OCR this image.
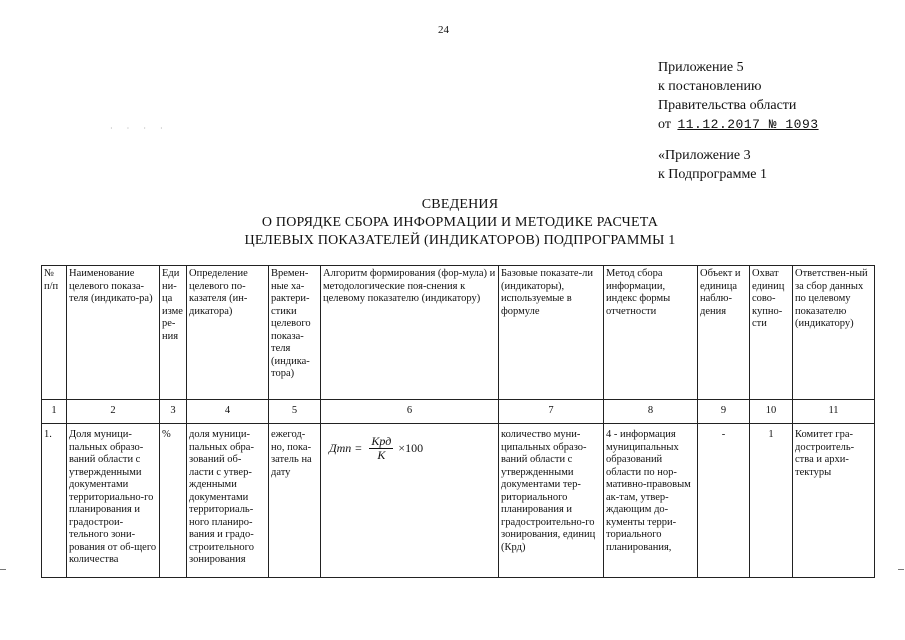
24
Приложение 5
к постановлению
Правительства области
от 11.12.2017 № 1093
· · · ·
«Приложение 3
к Подпрограмме 1
СВЕДЕНИЯ
О ПОРЯДКЕ СБОРА ИНФОРМАЦИИ И МЕТОДИКЕ РАСЧЕТА
ЦЕЛЕВЫХ ПОКАЗАТЕЛЕЙ (ИНДИКАТОРОВ) ПОДПРОГРАММЫ 1
№ п/п	Наименование целевого показа-теля (индикато-ра)	Еди ни-ца изме ре-ния	Определение целевого по-казателя (ин-дикатора)	Времен-ные ха-рактери-стики целевого показа-теля (индика-тора)	Алгоритм формирования (фор-мула) и методологические поя-снения к целевому показателю (индикатору)	Базовые показате-ли (индикаторы), используемые в формуле	Метод сбора информации, индекс формы отчетности	Объект и единица наблю-дения	Охват единиц сово-купно-сти	Ответствен-ный за сбор данных по целевому показателю (индикатору)
1	2	3	4	5	6	7	8	9	10	11
1.	Доля муници-пальных образо-ваний области с утвержденными документами территориально-го планирования и градострои-тельного зони-рования от об-щего количества	%	доля муници-пальных обра-зований об-ласти с утвер-жденными документами территориаль-ного планиро-вания и градо-строительного зонирования	ежегод-но, пока-затель на дату	Дтп = $\frac{\text{Крд}}{К} \times 100$	количество муни-ципальных образо-ваний области с утвержденными документами тер-риториального планирования и градостроительно-го зонирования, единиц (Крд)	4 - информация муниципальных образований области по нор-мативно-правовым ак-там, утвер-ждающим до-кументы терри-ториального планирования,	-	1	Комитет гра-достроитель-ства и архи-тектуры
